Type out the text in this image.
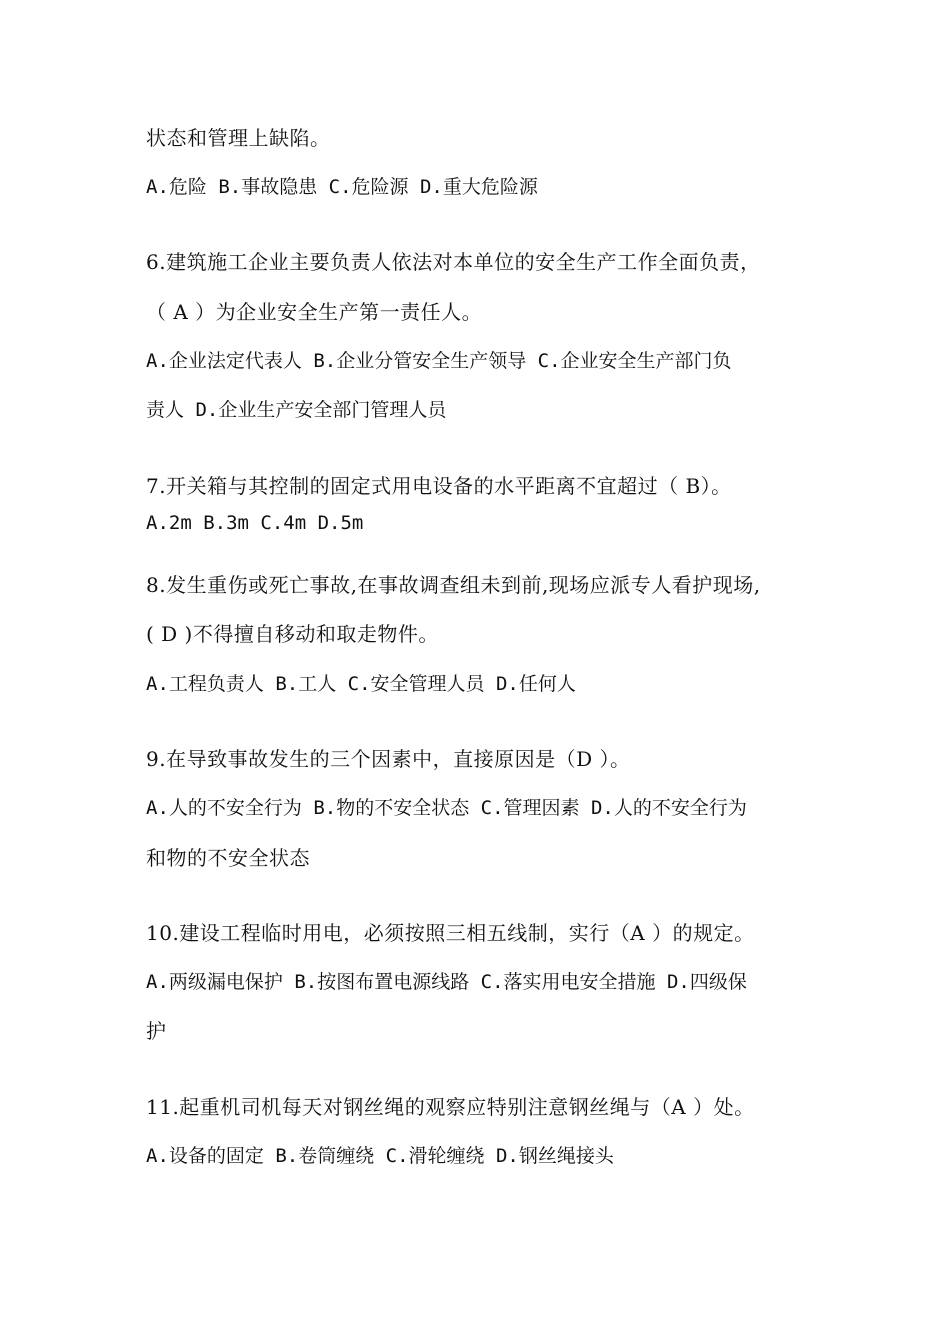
状态和管理上缺陷。
A.危险 B.事故隐患 C.危险源 D.重大危险源
6.建筑施工企业主要负责人依法对本单位的安全生产工作全面负责，
（ A ）为企业安全生产第一责任人。
A.企业法定代表人 B.企业分管安全生产领导 C.企业安全生产部门负
责人 D.企业生产安全部门管理人员
7.开关箱与其控制的固定式用电设备的水平距离不宜超过（ B）。
A.2m B.3m C.4m D.5m
8.发生重伤或死亡事故,在事故调查组未到前,现场应派专人看护现场,
( D )不得擅自移动和取走物件。
A.工程负责人 B.工人 C.安全管理人员 D.任何人
9.在导致事故发生的三个因素中，直接原因是（D ）。
A.人的不安全行为 B.物的不安全状态 C.管理因素 D.人的不安全行为
和物的不安全状态
10.建设工程临时用电，必须按照三相五线制，实行（A ）的规定。
A.两级漏电保护 B.按图布置电源线路 C.落实用电安全措施 D.四级保
护
11.起重机司机每天对钢丝绳的观察应特别注意钢丝绳与（A ）处。
A.设备的固定 B.卷筒缠绕 C.滑轮缠绕 D.钢丝绳接头
